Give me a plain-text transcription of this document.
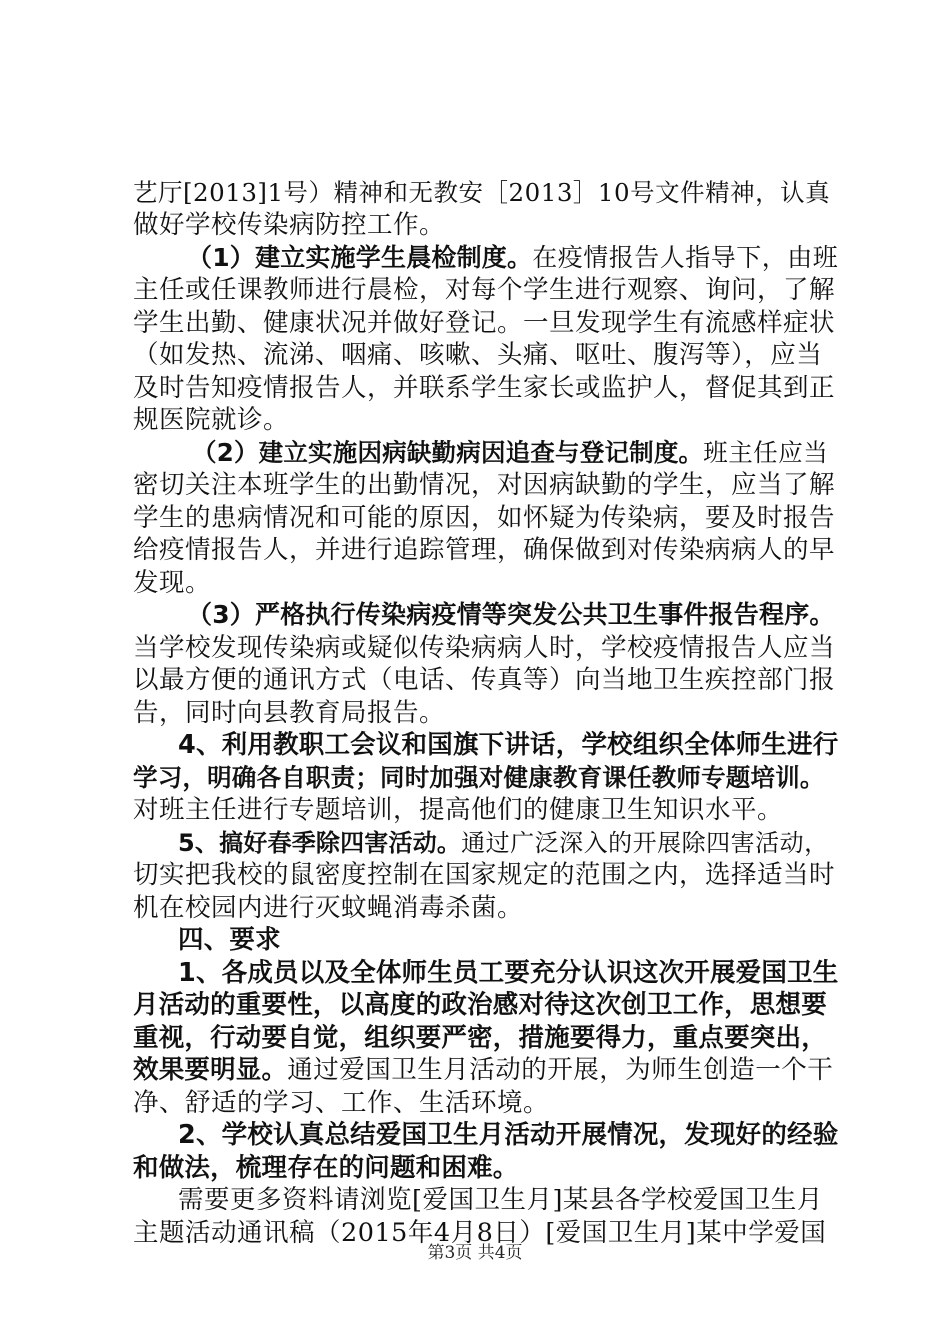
艺厅[2013]1号）精神和无教安［2013］10号文件精神，认真
做好学校传染病防控工作。
（1）建立实施学生晨检制度。在疫情报告人指导下，由班
主任或任课教师进行晨检，对每个学生进行观察、询问，了解
学生出勤、健康状况并做好登记。一旦发现学生有流感样症状
（如发热、流涕、咽痛、咳嗽、头痛、呕吐、腹泻等），应当
及时告知疫情报告人，并联系学生家长或监护人，督促其到正
规医院就诊。
（2）建立实施因病缺勤病因追查与登记制度。班主任应当
密切关注本班学生的出勤情况，对因病缺勤的学生，应当了解
学生的患病情况和可能的原因，如怀疑为传染病，要及时报告
给疫情报告人，并进行追踪管理，确保做到对传染病病人的早
发现。
（3）严格执行传染病疫情等突发公共卫生事件报告程序。
当学校发现传染病或疑似传染病病人时，学校疫情报告人应当
以最方便的通讯方式（电话、传真等）向当地卫生疾控部门报
告，同时向县教育局报告。
4、利用教职工会议和国旗下讲话，学校组织全体师生进行
学习，明确各自职责；同时加强对健康教育课任教师专题培训。
对班主任进行专题培训，提高他们的健康卫生知识水平。
5、搞好春季除四害活动。通过广泛深入的开展除四害活动，
切实把我校的鼠密度控制在国家规定的范围之内，选择适当时
机在校园内进行灭蚊蝇消毒杀菌。
四、要求
1、各成员以及全体师生员工要充分认识这次开展爱国卫生
月活动的重要性，以高度的政治感对待这次创卫工作，思想要
重视，行动要自觉，组织要严密，措施要得力，重点要突出，
效果要明显。通过爱国卫生月活动的开展，为师生创造一个干
净、舒适的学习、工作、生活环境。
2、学校认真总结爱国卫生月活动开展情况，发现好的经验
和做法，梳理存在的问题和困难。
需要更多资料请浏览[爱国卫生月]某县各学校爱国卫生月
主题活动通讯稿（2015年4月8日）[爱国卫生月]某中学爱国
第3页 共4页
